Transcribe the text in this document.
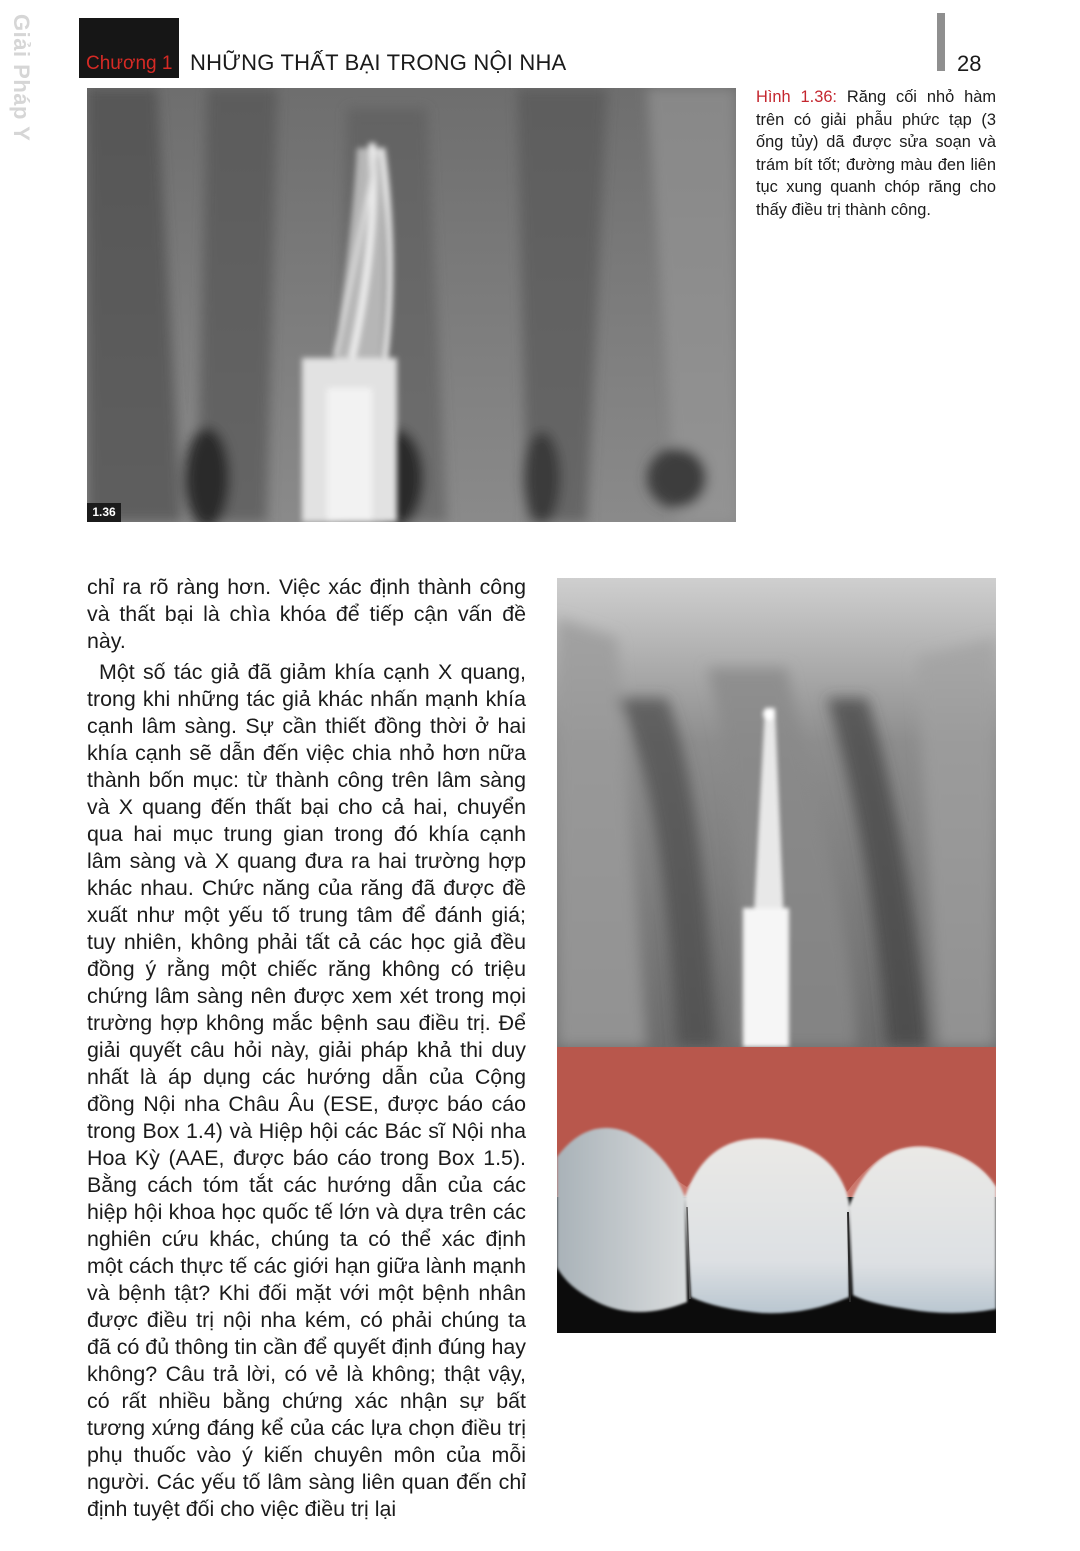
Giải Pháp Y
Chương 1 NHỮNG THẤT BẠI TRONG NỘI NHA	28
1.36
Hình 1.36: Răng cối nhỏ hàm trên có giải phẫu phức tạp (3 ống tủy) dã được sửa soạn và trám bít tốt; đường màu đen liên tục xung quanh chóp răng cho thấy điều trị thành công.

chỉ ra rõ ràng hơn. Việc xác định thành công và thất bại là chìa khóa để tiếp cận vấn đề này.

Một số tác giả đã giảm khía cạnh X quang, trong khi những tác giả khác nhấn mạnh khía cạnh lâm sàng. Sự cần thiết đồng thời ở hai khía cạnh sẽ dẫn đến việc chia nhỏ hơn nữa thành bốn mục: từ thành công trên lâm sàng và X quang đến thất bại cho cả hai, chuyển qua hai mục trung gian trong đó khía cạnh lâm sàng và X quang đưa ra hai trường hợp khác nhau. Chức năng của răng đã được đề xuất như một yếu tố trung tâm để đánh giá; tuy nhiên, không phải tất cả các học giả đều đồng ý rằng một chiếc răng không có triệu chứng lâm sàng nên được xem xét trong mọi trường hợp không mắc bệnh sau điều trị. Để giải quyết câu hỏi này, giải pháp khả thi duy nhất là áp dụng các hướng dẫn của Cộng đồng Nội nha Châu Âu (ESE, được báo cáo trong Box 1.4) và Hiệp hội các Bác sĩ Nội nha Hoa Kỳ (AAE, được báo cáo trong Box 1.5). Bằng cách tóm tắt các hướng dẫn của các hiệp hội khoa học quốc tế lớn và dựa trên các nghiên cứu khác, chúng ta có thể xác định một cách thực tế các giới hạn giữa lành mạnh và bệnh tật? Khi đối mặt với một bệnh nhân được điều trị nội nha kém, có phải chúng ta đã có đủ thông tin cần để quyết định đúng hay không? Câu trả lời, có vẻ là không; thật vậy, có rất nhiều bằng chứng xác nhận sự bất tương xứng đáng kể của các lựa chọn điều trị phụ thuốc vào ý kiến chuyên môn của mỗi người. Các yếu tố lâm sàng liên quan đến chỉ định tuyệt đối cho việc điều trị lại
